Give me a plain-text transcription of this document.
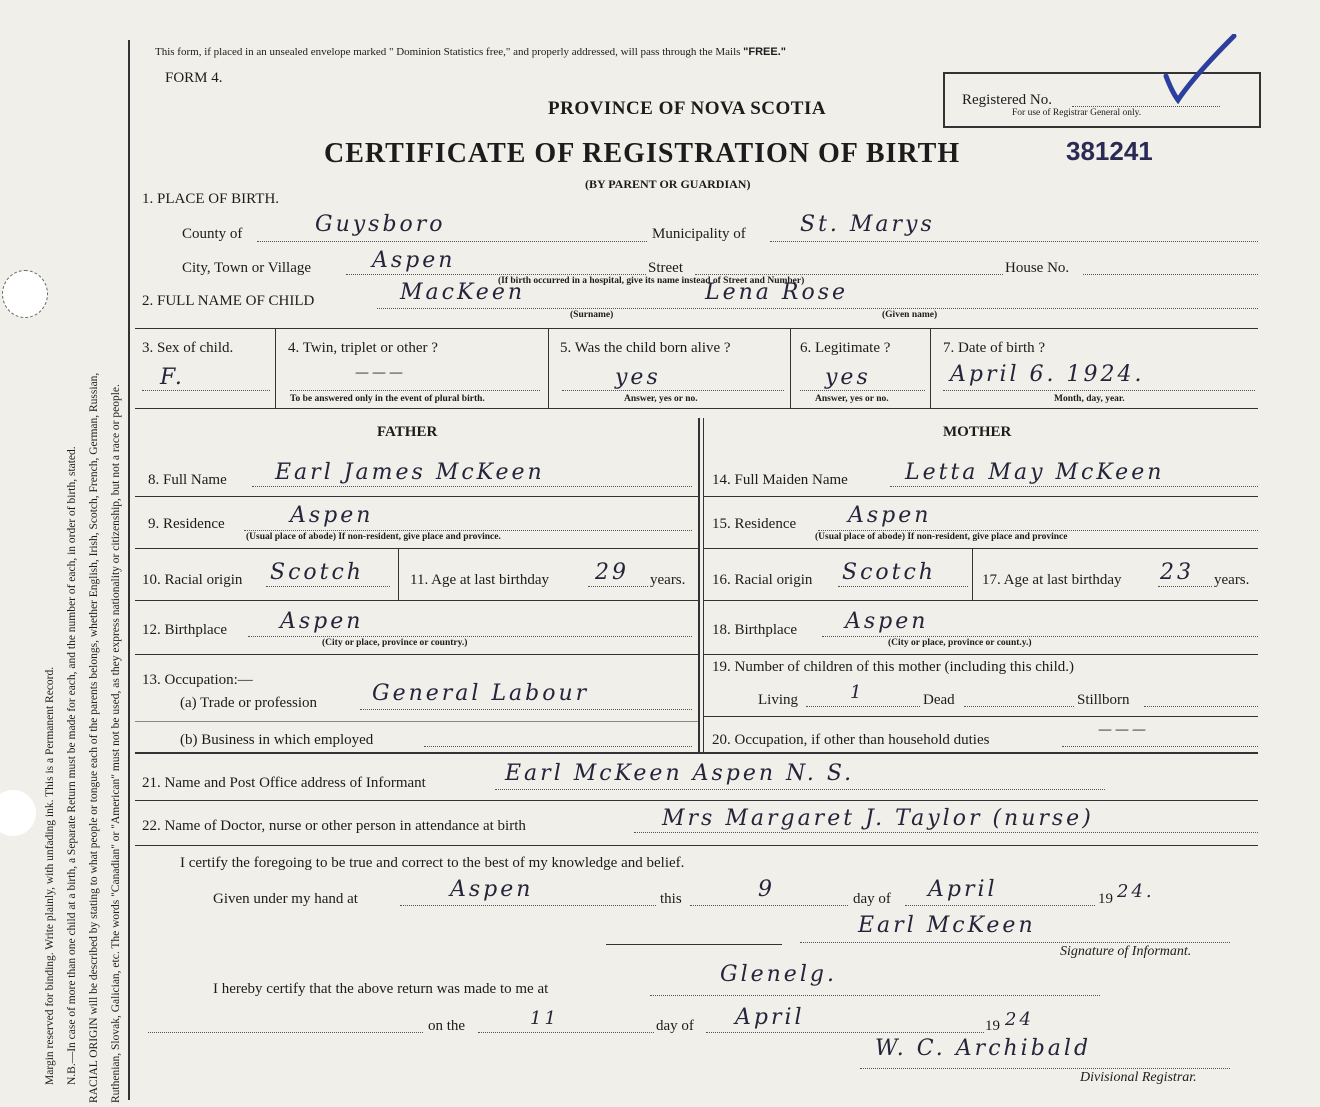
Margin reserved for binding. Write plainly, with unfading ink. This is a Permanent Record. N.B.—In case of more than one child at a birth, a Separate Return must be made for each, and the number of each, in order of birth, stated. RACIAL ORIGIN will be described by stating to what people or tongue each of the parents belongs, whether English, Irish, Scotch, French, German, Russian, Ruthenian, Slovak, Galician, etc. The words "Canadian" or "American" must not be used, as they express nationality or citizenship, but not a race or people.
This form, if placed in an unsealed envelope marked " Dominion Statistics free," and properly addressed, will pass through the Mails "FREE."
FORM 4.
PROVINCE OF NOVA SCOTIA	Registered No.
For use of Registrar General only.
CERTIFICATE OF REGISTRATION OF BIRTH	381241
(BY PARENT OR GUARDIAN)
1. PLACE OF BIRTH.
County of	Guysboro	Municipality of St. Marys
City, Town or Village	Aspen	Street	House No.
(If birth occurred in a hospital, give its name instead of Street and Number)
2. FULL NAME OF CHILD	MacKeen	Lena Rose
(Surname)	(Given name)
3. Sex of child.
F.
4. Twin, triplet or other ?
———
To be answered only in the event of plural birth.
5. Was the child born alive ?
yes
Answer, yes or no.
6. Legitimate ?
yes
Answer, yes or no.
7. Date of birth ?
April 6. 1924.
Month, day, year.
FATHER	MOTHER
8. Full Name Earl James McKeen	14. Full Maiden Name	Letta May McKeen
9. Residence	Aspen
(Usual place of abode) If non-resident, give place and province.
15. Residence Aspen
(Usual place of abode) If non-resident, give place and province
10. Racial origin Scotch	11. Age at last birthday 29 years. 16. Racial origin Scotch	17. Age at last birthday 23 years.
12. Birthplace Aspen
(City or place, province or country.)
18. Birthplace Aspen
(City or place, province or count.y.)
13. Occupation:—
(a) Trade or profession General Labour
(b) Business in which employed
19. Number of children of this mother (including this child.)
Living	1	Dead	Stillborn
20. Occupation, if other than household duties
———
21. Name and Post Office address of Informant	Earl McKeen Aspen N. S.
22. Name of Doctor, nurse or other person in attendance at birth	Mrs Margaret J. Taylor (nurse)
I certify the foregoing to be true and correct to the best of my knowledge and belief.
Given under my hand at	Aspen	this	9	day of April	19 24.
Earl McKeen
Signature of Informant.
I hereby certify that the above return was made to me at
Glenelg.
on the	11	day of April	19 24
W. C. Archibald
Divisional Registrar.
